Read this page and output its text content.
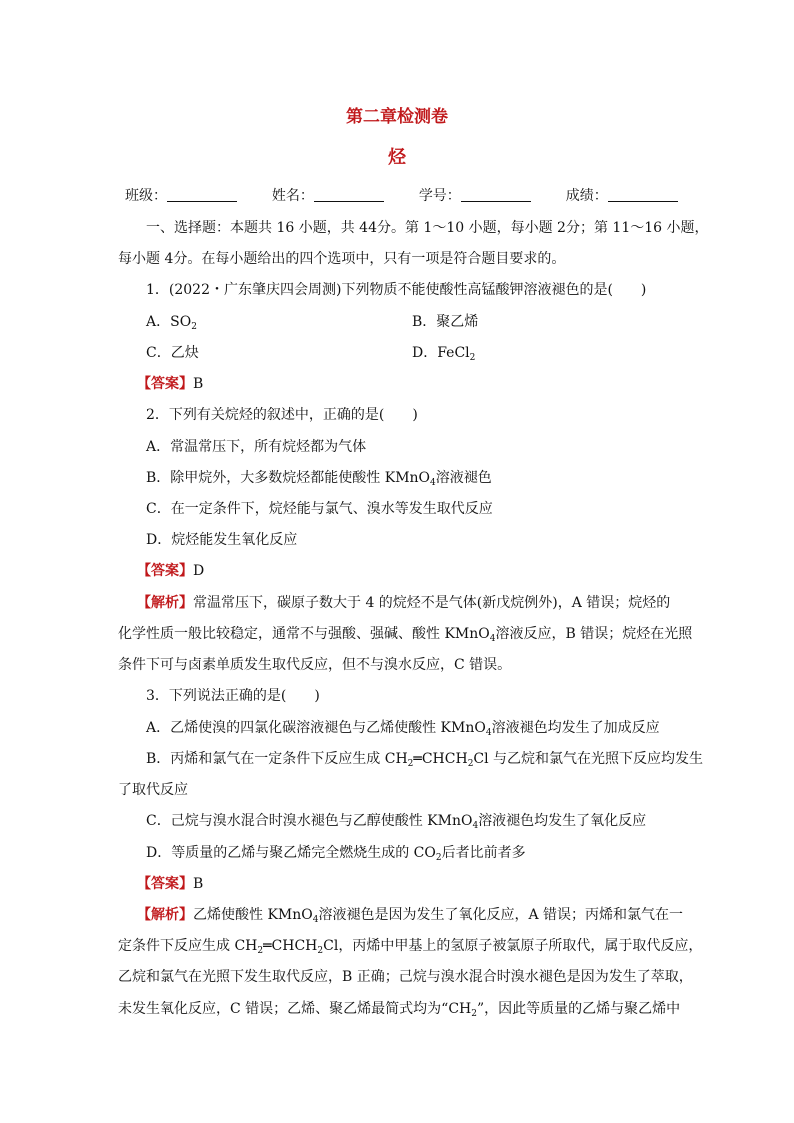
第二章检测卷
烃
班级：	姓名：	学号：	成绩：
一、选择题：本题共 16 小题，共 44分。第 1～10 小题，每小题 2分；第 11～16 小题，
每小题 4分。在每小题给出的四个选项中，只有一项是符合题目要求的。
1．(2022・广东肇庆四会周测)下列物质不能使酸性高锰酸钾溶液褪色的是(　　)
A．$SO_2$	B．聚乙烯
C．乙炔	D．FeCl$_2$
【答案】B
2．下列有关烷烃的叙述中，正确的是(　　)
A．常温常压下，所有烷烃都为气体
B．除甲烷外，大多数烷烃都能使酸性 KMnO$_4$溶液褪色
C．在一定条件下，烷烃能与氯气、溴水等发生取代反应
D．烷烃能发生氧化反应
【答案】D
【解析】常温常压下，碳原子数大于 4 的烷烃不是气体(新戊烷例外)，A 错误；烷烃的
化学性质一般比较稳定，通常不与强酸、强碱、酸性 KMnO$_4$溶液反应，B 错误；烷烃在光照
条件下可与卤素单质发生取代反应，但不与溴水反应，C 错误。
3．下列说法正确的是(　　)
A．乙烯使溴的四氯化碳溶液褪色与乙烯使酸性 KMnO$_4$溶液褪色均发生了加成反应
B．丙烯和氯气在一定条件下反应生成 $CH_2═CHCH_2Cl$ 与乙烷和氯气在光照下反应均发生
了取代反应
C．己烷与溴水混合时溴水褪色与乙醇使酸性 KMnO$_4$溶液褪色均发生了氧化反应
D．等质量的乙烯与聚乙烯完全燃烧生成的 $CO_2$后者比前者多
【答案】B
【解析】乙烯使酸性 KMnO$_4$溶液褪色是因为发生了氧化反应，A 错误；丙烯和氯气在一
定条件下反应生成 $CH_2═CHCH_2Cl$，丙烯中甲基上的氢原子被氯原子所取代，属于取代反应，
乙烷和氯气在光照下发生取代反应，B 正确；己烷与溴水混合时溴水褪色是因为发生了萃取，
未发生氧化反应，C 错误；乙烯、聚乙烯最简式均为“$CH_2$”，因此等质量的乙烯与聚乙烯中
